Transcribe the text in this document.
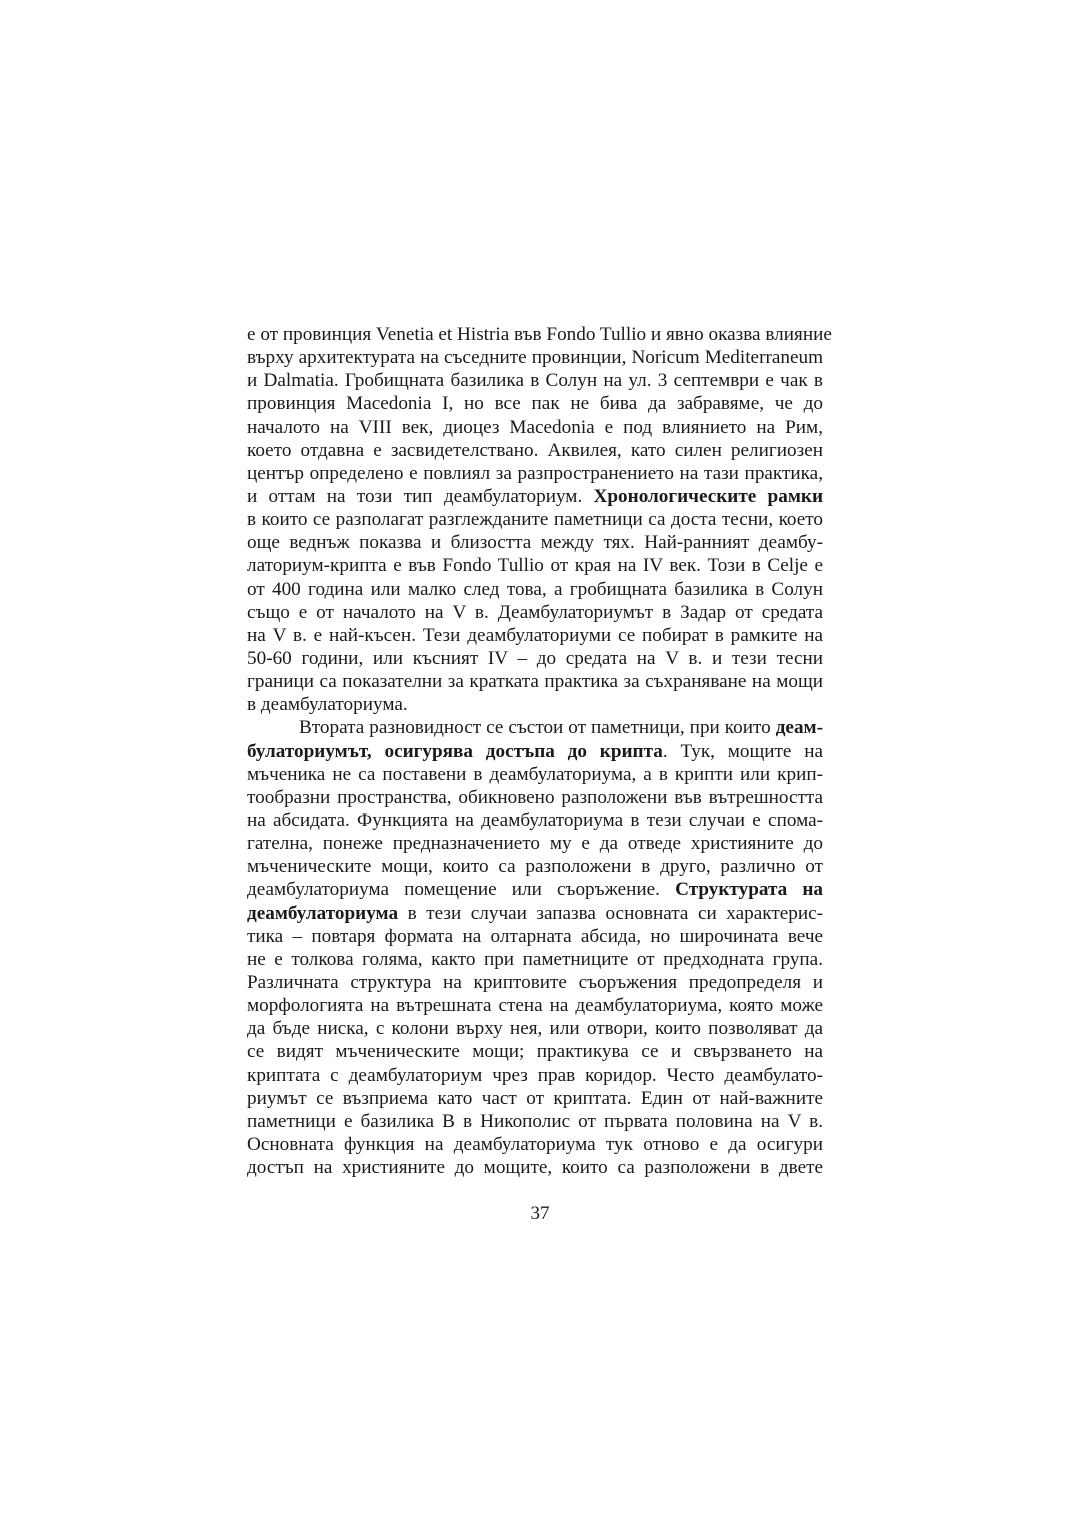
е от провинция Venetia et Histria във Fondo Tullio и явно оказва влияние
върху архитектурата на съседните провинции, Noricum Mediterraneum
и Dalmatia. Гробищната базилика в Солун на ул. 3 септември е чак в
провинция Macedonia I, но все пак не бива да забравяме, че до
началото на VIII век, диоцез Macedonia е под влиянието на Рим,
което отдавна е засвидетелствано. Аквилея, като силен религиозен
център определено е повлиял за разпространението на тази практика,
и оттам на този тип деамбулаториум. Хронологическите рамки
в които се разполагат разглежданите паметници са доста тесни, което
още веднъж показва и близостта между тях. Най-ранният деамбу-
латориум-крипта е във Fondo Tullio от края на IV век. Този в Celje е
от 400 година или малко след това, а гробищната базилика в Солун
също е от началото на V в. Деамбулаториумът в Задар от средата
на V в. е най-късен. Тези деамбулаториуми се побират в рамките на
50-60 години, или късният IV – до средата на V в. и тези тесни
граници са показателни за кратката практика за съхраняване на мощи
в деамбулаториума.
Втората разновидност се състои от паметници, при които деам-
булаториумът, осигурява достъпа до крипта. Тук, мощите на
мъченика не са поставени в деамбулаториума, а в крипти или крип-
тообразни пространства, обикновено разположени във вътрешността
на абсидата. Функцията на деамбулаториума в тези случаи е спома-
гателна, понеже предназначението му е да отведе християните до
мъченическите мощи, които са разположени в друго, различно от
деамбулаториума помещение или съоръжение. Структурата на
деамбулаториума в тези случаи запазва основната си характерис-
тика – повтаря формата на олтарната абсида, но широчината вече
не е толкова голяма, както при паметниците от предходната група.
Различната структура на криптовите съоръжения предопределя и
морфологията на вътрешната стена на деамбулаториума, която може
да бъде ниска, с колони върху нея, или отвори, които позволяват да
се видят мъченическите мощи; практикува се и свързването на
криптата с деамбулаториум чрез прав коридор. Често деамбулато-
риумът се възприема като част от криптата. Един от най-важните
паметници е базилика В в Никополис от първата половина на V в.
Основната функция на деамбулаториума тук отново е да осигури
достъп на християните до мощите, които са разположени в двете
37
